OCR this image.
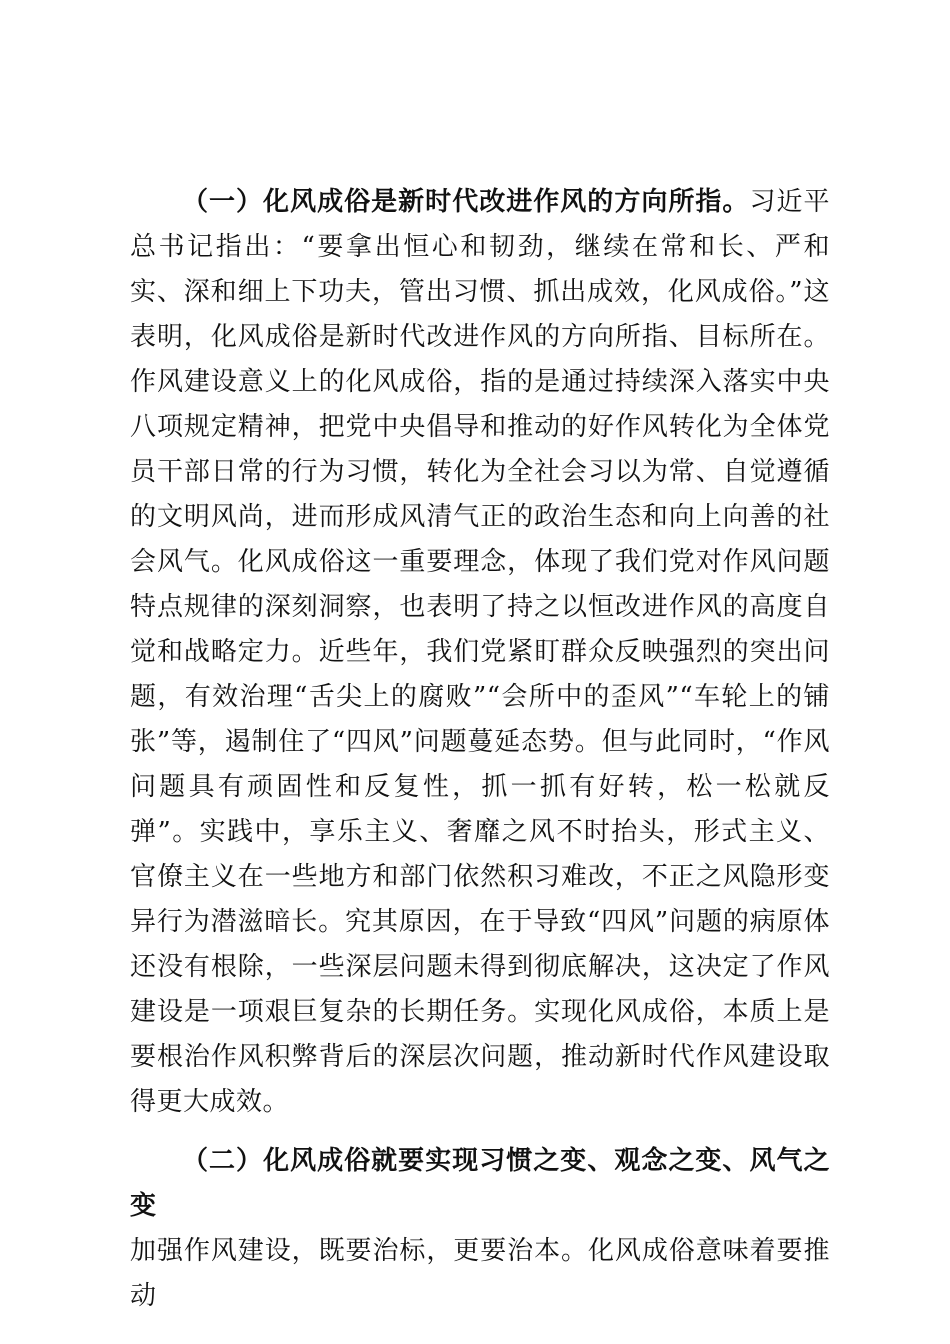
（一）化风成俗是新时代改进作风的方向所指。习近平总书记指出：“要拿出恒心和韧劲，继续在常和长、严和实、深和细上下功夫，管出习惯、抓出成效，化风成俗。”这表明，化风成俗是新时代改进作风的方向所指、目标所在。作风建设意义上的化风成俗，指的是通过持续深入落实中央八项规定精神，把党中央倡导和推动的好作风转化为全体党员干部日常的行为习惯，转化为全社会习以为常、自觉遵循的文明风尚，进而形成风清气正的政治生态和向上向善的社会风气。化风成俗这一重要理念，体现了我们党对作风问题特点规律的深刻洞察，也表明了持之以恒改进作风的高度自觉和战略定力。近些年，我们党紧盯群众反映强烈的突出问题，有效治理“舌尖上的腐败”“会所中的歪风”“车轮上的铺张”等，遏制住了“四风”问题蔓延态势。但与此同时，“作风问题具有顽固性和反复性，抓一抓有好转，松一松就反弹”。实践中，享乐主义、奢靡之风不时抬头，形式主义、官僚主义在一些地方和部门依然积习难改，不正之风隐形变异行为潜滋暗长。究其原因，在于导致“四风”问题的病原体还没有根除，一些深层问题未得到彻底解决，这决定了作风建设是一项艰巨复杂的长期任务。实现化风成俗，本质上是要根治作风积弊背后的深层次问题，推动新时代作风建设取得更大成效。

（二）化风成俗就要实现习惯之变、观念之变、风气之变
加强作风建设，既要治标，更要治本。化风成俗意味着要推动
